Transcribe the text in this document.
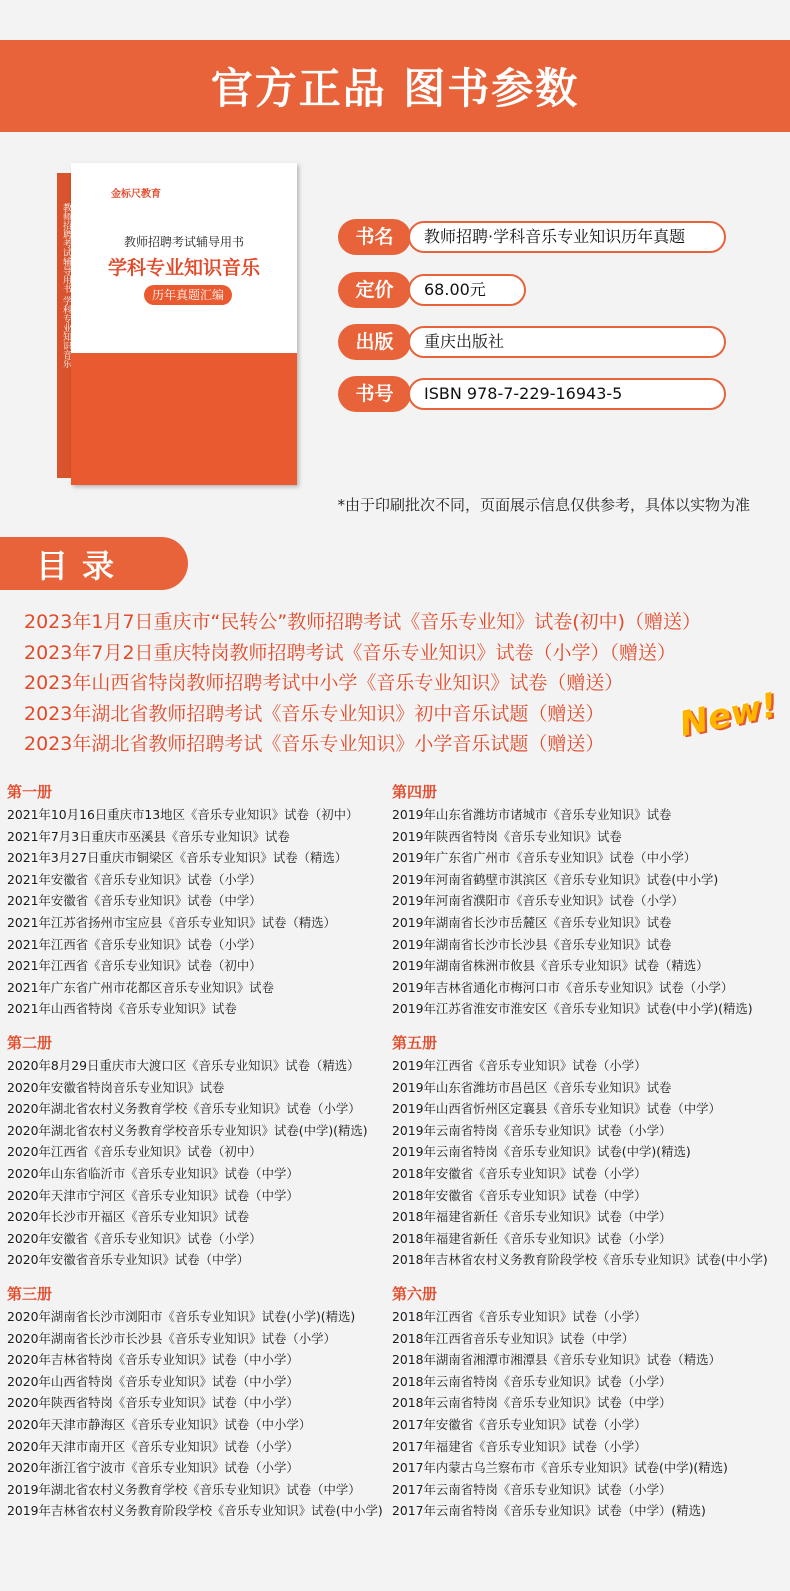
官方正品 图书参数
教师招聘考试辅导用书 学科专业知识音乐
金标尺教育
教师招聘考试辅导用书
学科专业知识音乐
历年真题汇编
书名	教师招聘·学科音乐专业知识历年真题
定价	68.00元
出版	重庆出版社
书号	ISBN 978-7-229-16943-5
*由于印刷批次不同，页面展示信息仅供参考，具体以实物为准
目录
2023年1月7日重庆市“民转公”教师招聘考试《音乐专业知》试卷(初中)（赠送）
2023年7月2日重庆特岗教师招聘考试《音乐专业知识》试卷（小学）（赠送）
2023年山西省特岗教师招聘考试中小学《音乐专业知识》试卷（赠送）
2023年湖北省教师招聘考试《音乐专业知识》初中音乐试题（赠送）
2023年湖北省教师招聘考试《音乐专业知识》小学音乐试题（赠送）	New!
第一册
2021年10月16日重庆市13地区《音乐专业知识》试卷（初中）
2021年7月3日重庆市巫溪县《音乐专业知识》试卷
2021年3月27日重庆市铜梁区《音乐专业知识》试卷（精选）
2021年安徽省《音乐专业知识》试卷（小学）
2021年安徽省《音乐专业知识》试卷（中学）
2021年江苏省扬州市宝应县《音乐专业知识》试卷（精选）
2021年江西省《音乐专业知识》试卷（小学）
2021年江西省《音乐专业知识》试卷（初中）
2021年广东省广州市花都区音乐专业知识》试卷
2021年山西省特岗《音乐专业知识》试卷
第二册
2020年8月29日重庆市大渡口区《音乐专业知识》试卷（精选）
2020年安徽省特岗音乐专业知识》试卷
2020年湖北省农村义务教育学校《音乐专业知识》试卷（小学）
2020年湖北省农村义务教育学校音乐专业知识》试卷(中学)(精选)
2020年江西省《音乐专业知识》试卷（初中）
2020年山东省临沂市《音乐专业知识》试卷（中学）
2020年天津市宁河区《音乐专业知识》试卷（中学）
2020年长沙市开福区《音乐专业知识》试卷
2020年安徽省《音乐专业知识》试卷（小学）
2020年安徽省音乐专业知识》试卷（中学）
第三册
2020年湖南省长沙市浏阳市《音乐专业知识》试卷(小学)(精选)
2020年湖南省长沙市长沙县《音乐专业知识》试卷（小学）
2020年吉林省特岗《音乐专业知识》试卷（中小学）
2020年山西省特岗《音乐专业知识》试卷（中小学）
2020年陕西省特岗《音乐专业知识》试卷（中小学）
2020年天津市静海区《音乐专业知识》试卷（中小学）
2020年天津市南开区《音乐专业知识》试卷（小学）
2020年浙江省宁波市《音乐专业知识》试卷（小学）
2019年湖北省农村义务教育学校《音乐专业知识》试卷（中学）
2019年吉林省农村义务教育阶段学校《音乐专业知识》试卷(中小学)
第四册
2019年山东省潍坊市诸城市《音乐专业知识》试卷
2019年陕西省特岗《音乐专业知识》试卷
2019年广东省广州市《音乐专业知识》试卷（中小学）
2019年河南省鹤壁市淇滨区《音乐专业知识》试卷(中小学)
2019年河南省濮阳市《音乐专业知识》试卷（小学）
2019年湖南省长沙市岳麓区《音乐专业知识》试卷
2019年湖南省长沙市长沙县《音乐专业知识》试卷
2019年湖南省株洲市攸县《音乐专业知识》试卷（精选）
2019年吉林省通化市梅河口市《音乐专业知识》试卷（小学）
2019年江苏省淮安市淮安区《音乐专业知识》试卷(中小学)(精选)
第五册
2019年江西省《音乐专业知识》试卷（小学）
2019年山东省潍坊市昌邑区《音乐专业知识》试卷
2019年山西省忻州区定襄县《音乐专业知识》试卷（中学）
2019年云南省特岗《音乐专业知识》试卷（小学）
2019年云南省特岗《音乐专业知识》试卷(中学)(精选)
2018年安徽省《音乐专业知识》试卷（小学）
2018年安徽省《音乐专业知识》试卷（中学）
2018年福建省新任《音乐专业知识》试卷（中学）
2018年福建省新任《音乐专业知识》试卷（小学）
2018年吉林省农村义务教育阶段学校《音乐专业知识》试卷(中小学)
第六册
2018年江西省《音乐专业知识》试卷（小学）
2018年江西省音乐专业知识》试卷（中学）
2018年湖南省湘潭市湘潭县《音乐专业知识》试卷（精选）
2018年云南省特岗《音乐专业知识》试卷（小学）
2018年云南省特岗《音乐专业知识》试卷（中学）
2017年安徽省《音乐专业知识》试卷（小学）
2017年福建省《音乐专业知识》试卷（小学）
2017年内蒙古乌兰察布市《音乐专业知识》试卷(中学)(精选)
2017年云南省特岗《音乐专业知识》试卷（小学）
2017年云南省特岗《音乐专业知识》试卷（中学）(精选)
